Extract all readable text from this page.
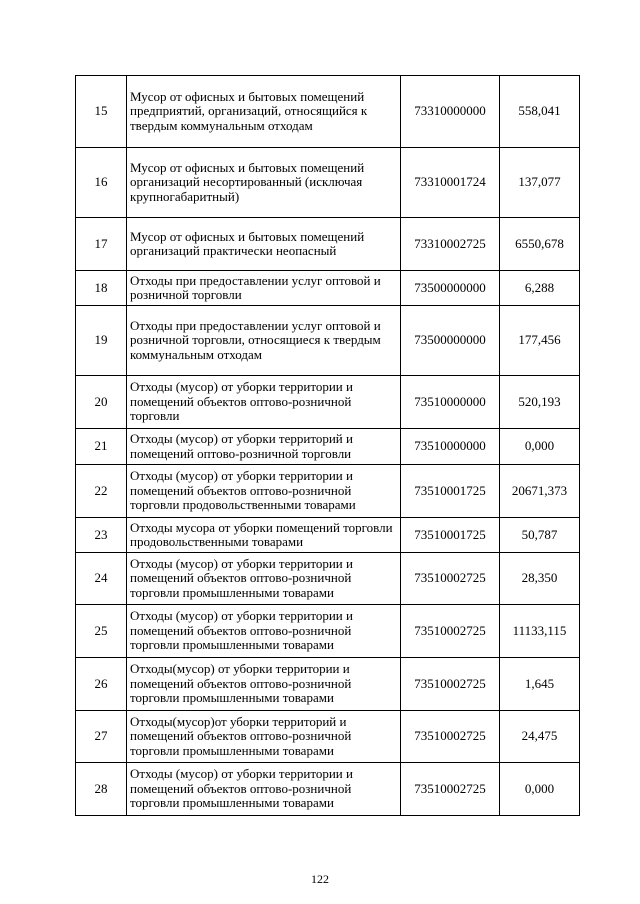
15	Мусор от офисных и бытовых помещений предприятий, организаций, относящийся к твердым коммунальным отходам	73310000000	558,041
16	Мусор от офисных и бытовых помещений организаций несортированный (исключая крупногабаритный)	73310001724	137,077
17	Мусор от офисных и бытовых помещений организаций практически неопасный	73310002725	6550,678
18	Отходы при предоставлении услуг оптовой и розничной торговли	73500000000	6,288
19	Отходы при предоставлении услуг оптовой и розничной торговли, относящиеся к твердым коммунальным отходам	73500000000	177,456
20	Отходы (мусор) от уборки территории и помещений объектов оптово-розничной торговли	73510000000	520,193
21	Отходы (мусор) от уборки территорий и помещений оптово-розничной торговли	73510000000	0,000
22	Отходы (мусор) от уборки территории и помещений объектов оптово-розничной торговли продовольственными товарами	73510001725	20671,373
23	Отходы мусора от уборки помещений торговли продовольственными товарами	73510001725	50,787
24	Отходы (мусор) от уборки территории и помещений объектов оптово-розничной торговли промышленными товарами	73510002725	28,350
25	Отходы (мусор) от уборки территории и помещений объектов оптово-розничной торговли промышленными товарами	73510002725	11133,115
26	Отходы(мусор) от уборки территории и помещений объектов оптово-розничной торговли промышленными товарами	73510002725	1,645
27	Отходы(мусор)от уборки территорий и помещений объектов оптово-розничной торговли промышленными товарами	73510002725	24,475
28	Отходы (мусор) от уборки территории и помещений объектов оптово-розничной торговли промышленными товарами	73510002725	0,000
122
